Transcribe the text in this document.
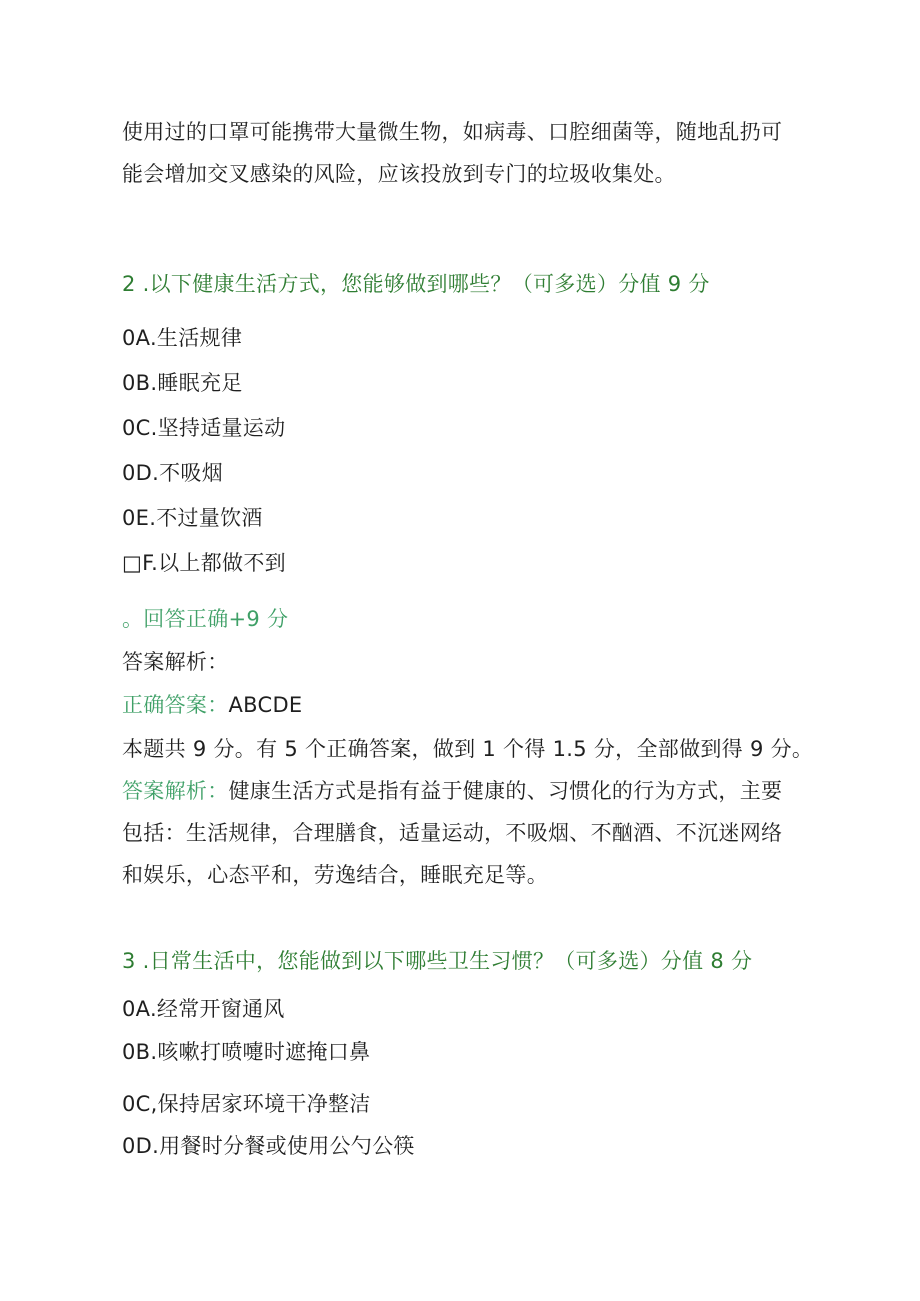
使用过的口罩可能携带大量微生物，如病毒、口腔细菌等，随地乱扔可

能会增加交叉感染的风险，应该投放到专门的垃圾收集处。

2 .以下健康生活方式，您能够做到哪些？（可多选）分值 9 分

0A.生活规律

0B.睡眠充足

0C.坚持适量运动

0D.不吸烟

0E.不过量饮酒

□F.以上都做不到

。回答正确+9 分

答案解析：

正确答案：ABCDE

本题共 9 分。有 5 个正确答案，做到 1 个得 1.5 分，全部做到得 9 分。

答案解析：健康生活方式是指有益于健康的、习惯化的行为方式，主要

包括：生活规律，合理膳食，适量运动，不吸烟、不酗酒、不沉迷网络

和娱乐，心态平和，劳逸结合，睡眠充足等。

3 .日常生活中，您能做到以下哪些卫生习惯？（可多选）分值 8 分

0A.经常开窗通风

0B.咳嗽打喷嚏时遮掩口鼻

0C,保持居家环境干净整洁

0D.用餐时分餐或使用公勺公筷
